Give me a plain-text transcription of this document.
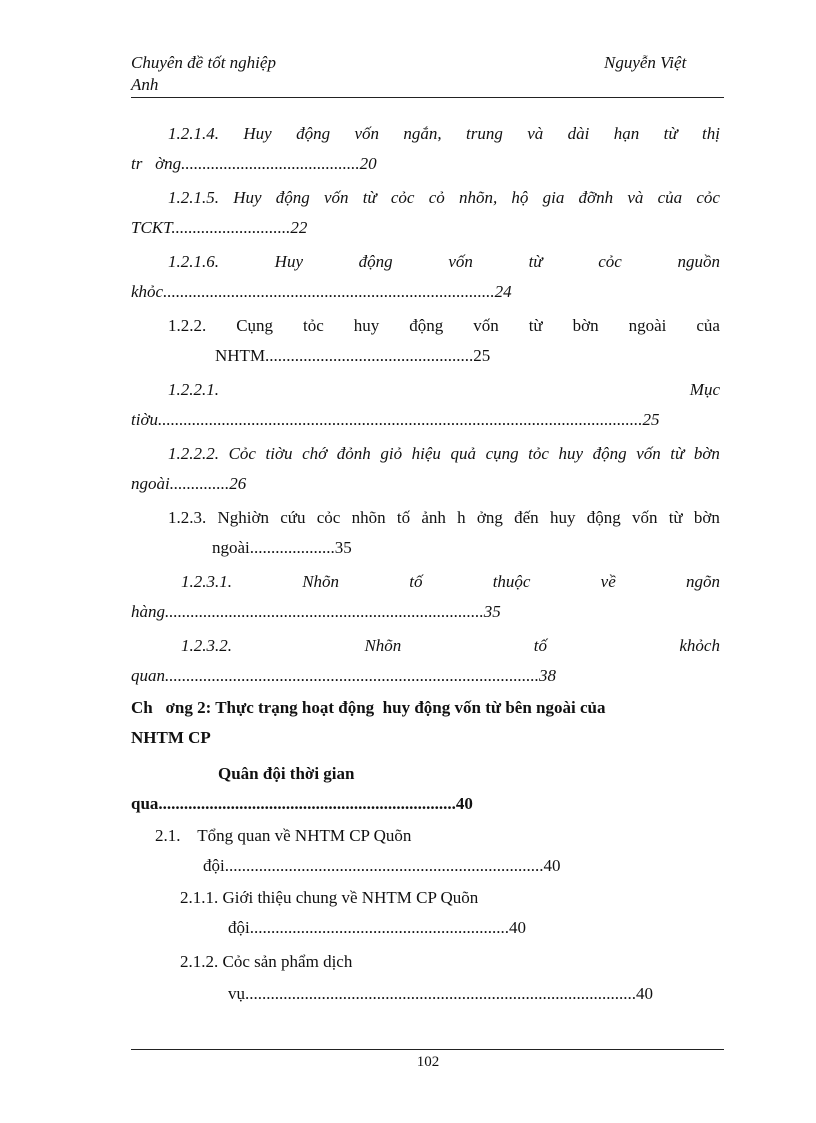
Chuyên đề tốt nghiệp	Nguyễn Việt
Anh
1.2.1.4. Huy động vốn ngắn, trung và dài hạn từ thị
tr   ờng..........................................20
1.2.1.5. Huy động vốn từ cỏc cỏ nhõn, hộ gia đỡnh và của cỏc
TCKT............................22
1.2.1.6.	Huy	động	vốn	từ	cỏc	nguồn
khỏc..............................................................................24
1.2.2. Cụng tỏc huy động vốn từ bờn ngoài của
NHTM.................................................25
1.2.2.1.	Mục
tiờu..................................................................................................................25
1.2.2.2. Cỏc tiờu chớ đỏnh giỏ hiệu quả cụng tỏc huy động vốn từ bờn
ngoài..............26
1.2.3. Nghiờn cứu cỏc nhõn tố ảnh h ởng đến huy động vốn từ bờn
ngoài....................35
1.2.3.1.	Nhõn	tố	thuộc	về	ngõn
hàng...........................................................................35
1.2.3.2.	Nhõn	tố	khỏch
quan........................................................................................38
Ch   ơng 2: Thực trạng hoạt động  huy động vốn từ bên ngoài của
NHTM CP
Quân đội thời gian
qua......................................................................40
2.1.    Tổng quan về NHTM CP Quõn
đội...........................................................................40
2.1.1. Giới thiệu chung về NHTM CP Quõn
đội.............................................................40
2.1.2. Cỏc sản phẩm dịch
vụ............................................................................................40
102
